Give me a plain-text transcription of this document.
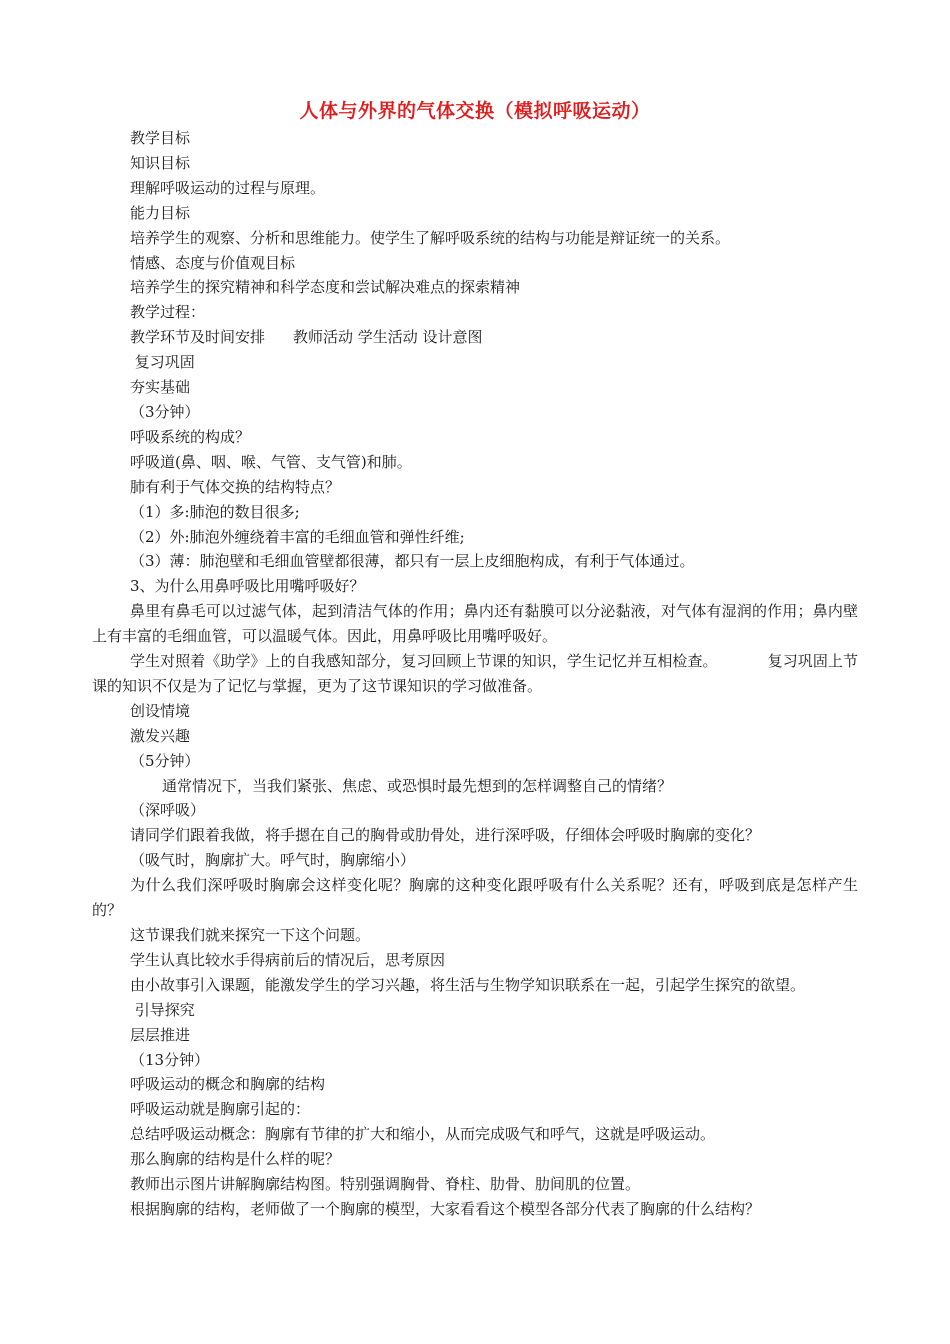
人体与外界的气体交换（模拟呼吸运动）

教学目标

知识目标

理解呼吸运动的过程与原理。

能力目标

培养学生的观察、分析和思维能力。使学生了解呼吸系统的结构与功能是辩证统一的关系。

情感、态度与价值观目标

培养学生的探究精神和科学态度和尝试解决难点的探索精神

教学过程：

教学环节及时间安排 教师活动 学生活动 设计意图

复习巩固

夯实基础

（3分钟）

呼吸系统的构成？

呼吸道(鼻、咽、喉、气管、支气管)和肺。

肺有利于气体交换的结构特点？

（1）多:肺泡的数目很多;

（2）外:肺泡外缠绕着丰富的毛细血管和弹性纤维;

（3）薄：肺泡壁和毛细血管壁都很薄，都只有一层上皮细胞构成，有利于气体通过。

3、为什么用鼻呼吸比用嘴呼吸好？

鼻里有鼻毛可以过滤气体，起到清洁气体的作用；鼻内还有黏膜可以分泌黏液，对气体有湿润的作用；鼻内壁上有丰富的毛细血管，可以温暖气体。因此，用鼻呼吸比用嘴呼吸好。

学生对照着《助学》上的自我感知部分，复习回顾上节课的知识，学生记忆并互相检查。	复习巩固上节课的知识不仅是为了记忆与掌握，更为了这节课知识的学习做准备。

创设情境

激发兴趣

（5分钟）

通常情况下，当我们紧张、焦虑、或恐惧时最先想到的怎样调整自己的情绪？

（深呼吸）

请同学们跟着我做，将手摁在自己的胸骨或肋骨处，进行深呼吸，仔细体会呼吸时胸廓的变化？

（吸气时，胸廓扩大。呼气时，胸廓缩小）

为什么我们深呼吸时胸廓会这样变化呢？胸廓的这种变化跟呼吸有什么关系呢？还有，呼吸到底是怎样产生的？

这节课我们就来探究一下这个问题。

学生认真比较水手得病前后的情况后，思考原因

由小故事引入课题，能激发学生的学习兴趣，将生活与生物学知识联系在一起，引起学生探究的欲望。

引导探究

层层推进

（13分钟）

呼吸运动的概念和胸廓的结构

呼吸运动就是胸廓引起的：

总结呼吸运动概念：胸廓有节律的扩大和缩小，从而完成吸气和呼气，这就是呼吸运动。

那么胸廓的结构是什么样的呢？

教师出示图片讲解胸廓结构图。特别强调胸骨、脊柱、肋骨、肋间肌的位置。

根据胸廓的结构，老师做了一个胸廓的模型，大家看看这个模型各部分代表了胸廓的什么结构？
